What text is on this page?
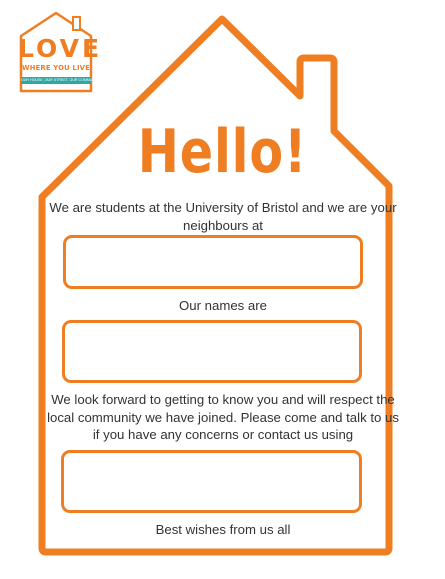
LOVE
WHERE YOU LIVE
OUR HOUSE, OUR STREET, OUR COMMUNITY
Hello!
We are students at the University of Bristol and we are your neighbours at
Our names are
We look forward to getting to know you and will respect the local community we have joined. Please come and talk to us if you have any concerns or contact us using
Best wishes from us all
